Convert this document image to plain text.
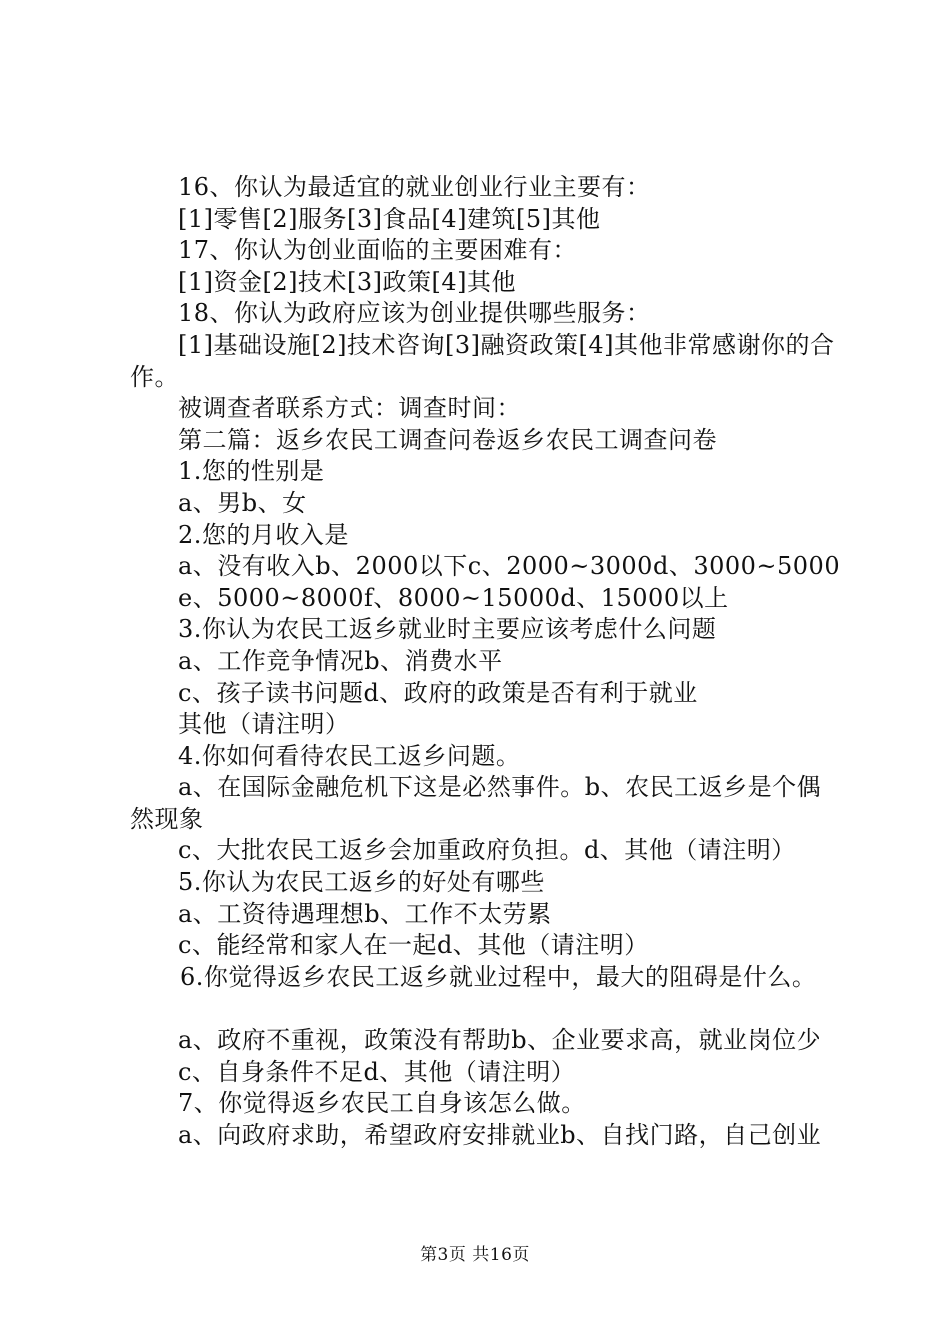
16、你认为最适宜的就业创业行业主要有：

[1]零售[2]服务[3]食品[4]建筑[5]其他

17、你认为创业面临的主要困难有：

[1]资金[2]技术[3]政策[4]其他

18、你认为政府应该为创业提供哪些服务：

[1]基础设施[2]技术咨询[3]融资政策[4]其他非常感谢你的合作。

被调查者联系方式：调查时间：

第二篇：返乡农民工调查问卷返乡农民工调查问卷

1.您的性别是

a、男b、女

2.您的月收入是

a、没有收入b、2000以下c、2000~3000d、3000~5000

e、5000~8000f、8000~15000d、15000以上

3.你认为农民工返乡就业时主要应该考虑什么问题

a、工作竞争情况b、消费水平

c、孩子读书问题d、政府的政策是否有利于就业

其他（请注明）

4.你如何看待农民工返乡问题。

a、在国际金融危机下这是必然事件。b、农民工返乡是个偶然现象

c、大批农民工返乡会加重政府负担。d、其他（请注明）

5.你认为农民工返乡的好处有哪些

a、工资待遇理想b、工作不太劳累

c、能经常和家人在一起d、其他（请注明）

6.你觉得返乡农民工返乡就业过程中，最大的阻碍是什么。

a、政府不重视，政策没有帮助b、企业要求高，就业岗位少

c、自身条件不足d、其他（请注明）

7、你觉得返乡农民工自身该怎么做。

a、向政府求助，希望政府安排就业b、自找门路，自己创业

第3页 共16页
